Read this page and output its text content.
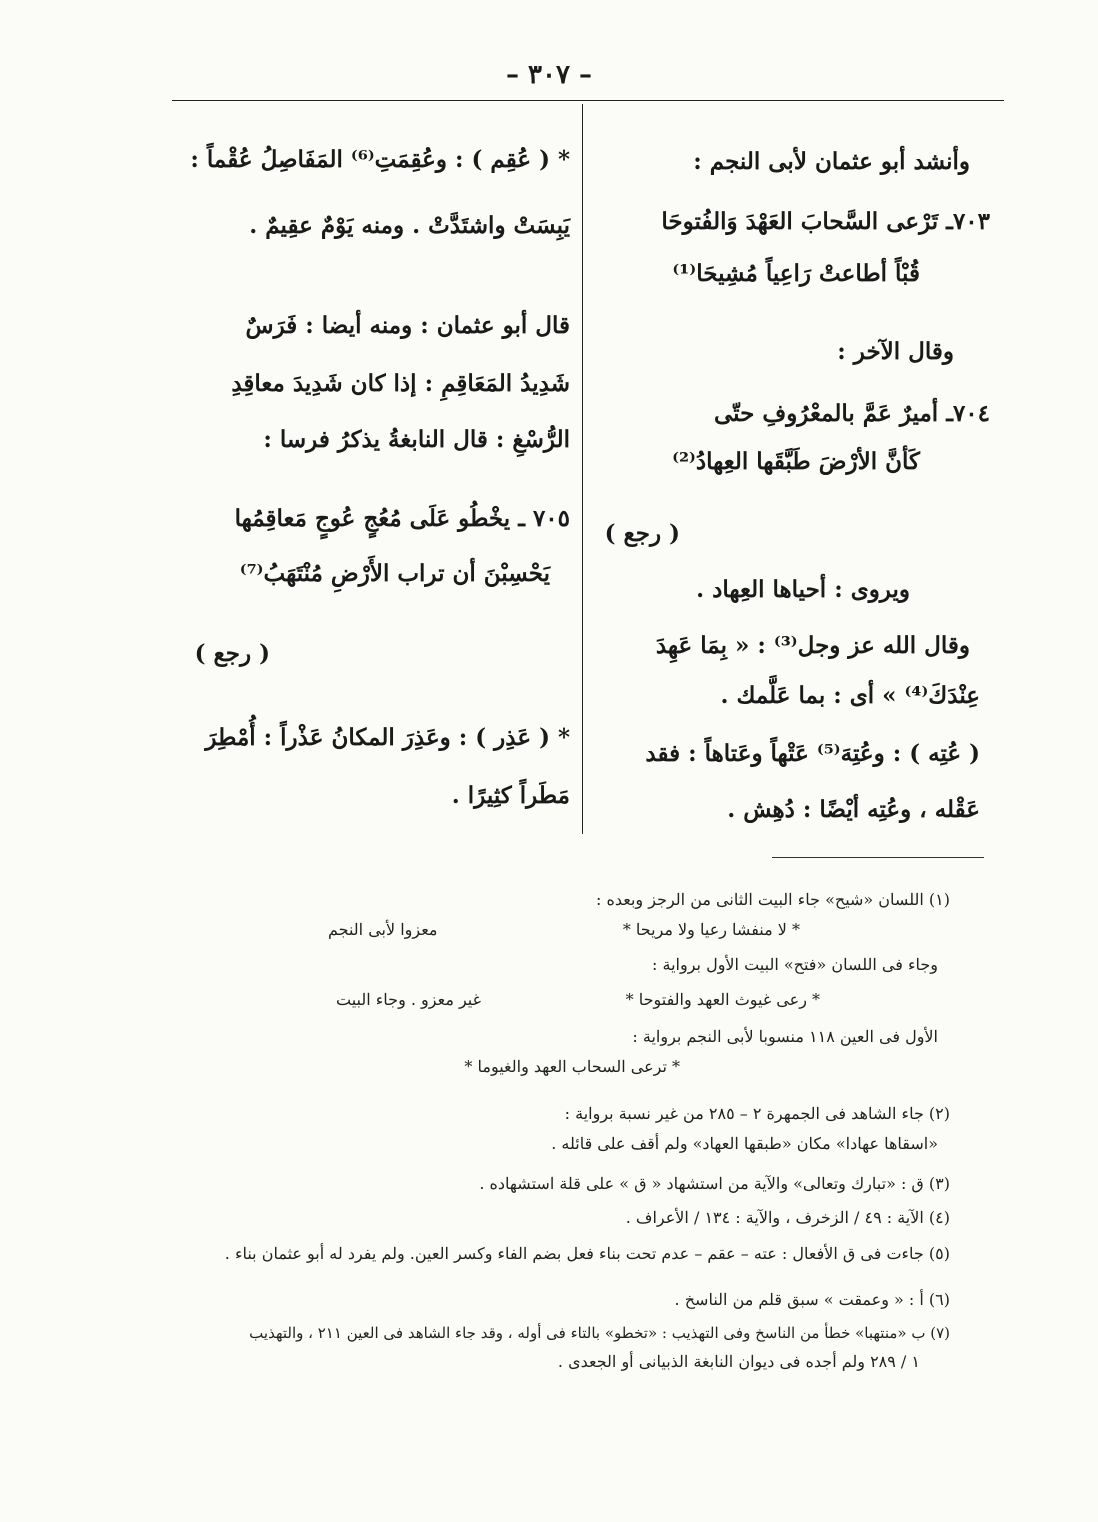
– ٣٠٧ –
وأنشد أبو عثمان لأبى النجم :
٧٠٣ـ تَرْعى السَّحابَ العَهْدَ وَالفُتوحَا
قُبْاً أطاعتْ رَاعِياً مُشِيحَا⁽¹⁾
وقال الآخر :
٧٠٤ـ أميرٌ عَمَّ بالمعْرُوفِ حتّى
كَأنَّ الأرْضَ طَبَّقَها العِهادُ⁽²⁾
( رجع )
ويروى : أحياها العِهاد .
وقال الله عز وجل⁽³⁾ : « بِمَا عَهِدَ
عِنْدَكَ⁽⁴⁾ » أى : بما عَلَّمك .
( عُتِه ) : وعُتِهَ⁽⁵⁾ عَتْهاً وعَتاهاً : فقد
عَقْله ، وعُتِه أيْضًا : دُهِش .
* ( عُقِم ) : وعُقِمَتِ⁽⁶⁾ المَفَاصِلُ عُقْماً :
يَبِسَتْ واشتَدَّتْ . ومنه يَوْمٌ عقِيمٌ .
قال أبو عثمان : ومنه أيضا : فَرَسٌ
شَدِيدُ المَعَاقِمِ : إذا كان شَدِيدَ معاقِدِ
الرُّسْغِ : قال النابغةُ يذكرُ فرسا :
٧٠٥ ـ يخْطُو عَلَى مُعُجٍ عُوجٍ مَعاقِمُها
يَحْسِبْنَ أن تراب الأَرْضِ مُنْتَهَبُ⁽⁷⁾
( رجع )
* ( عَذِر ) : وعَذِرَ المكانُ عَذْراً : أُمْطِرَ
مَطَراً كثِيرًا .
(١) اللسان «شيح» جاء البيت الثانى من الرجز وبعده :
* لا منفشا رعيا ولا مريحا *
وجاء فى اللسان «فتح» البيت الأول برواية :
* رعى غيوث العهد والفتوحا *
الأول فى العين ١١٨ منسوبا لأبى النجم برواية :
* ترعى السحاب العهد والغيوما *
(٢) جاء الشاهد فى الجمهرة ٢ – ٢٨٥ من غير نسبة برواية :
«اسقاها عهادا» مكان «طبقها العهاد» ولم أقف على قائله .
(٣) ق : «تبارك وتعالى» والآية من استشهاد « ق » على قلة استشهاده .
(٤) الآية : ٤٩ / الزخرف ، والآية : ١٣٤ / الأعراف .
(٥) جاءت فى ق الأفعال : عته – عقم – عدم تحت بناء فعل بضم الفاء وكسر العين. ولم يفرد له أبو عثمان بناء .
(٦) أ : « وعمقت » سبق قلم من الناسخ .
(٧) ب «منتهبا» خطأ من الناسخ وفى التهذيب : «تخطو» بالتاء فى أوله ، وقد جاء الشاهد فى العين ٢١١ ، والتهذيب
١ / ٢٨٩ ولم أجده فى ديوان النابغة الذبيانى أو الجعدى .
معزوا لأبى النجم
غير معزو . وجاء البيت
